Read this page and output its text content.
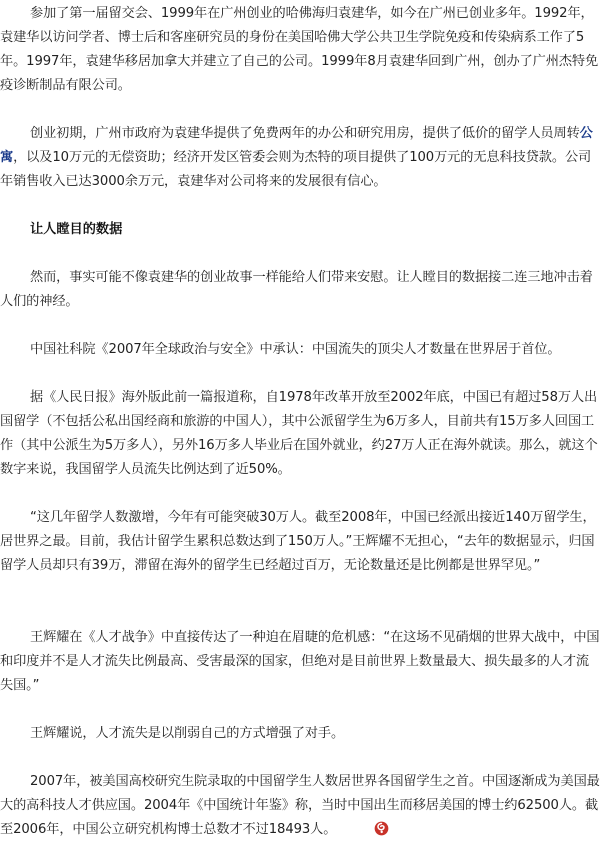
参加了第一届留交会、1999年在广州创业的哈佛海归袁建华，如今在广州已创业多年。1992年，袁建华以访问学者、博士后和客座研究员的身份在美国哈佛大学公共卫生学院免疫和传染病系工作了5年。1997年，袁建华移居加拿大并建立了自己的公司。1999年8月袁建华回到广州，创办了广州杰特免疫诊断制品有限公司。

创业初期，广州市政府为袁建华提供了免费两年的办公和研究用房，提供了低价的留学人员周转公寓，以及10万元的无偿资助；经济开发区管委会则为杰特的项目提供了100万元的无息科技贷款。公司年销售收入已达3000余万元，袁建华对公司将来的发展很有信心。

让人瞠目的数据

然而，事实可能不像袁建华的创业故事一样能给人们带来安慰。让人瞠目的数据接二连三地冲击着人们的神经。

中国社科院《2007年全球政治与安全》中承认：中国流失的顶尖人才数量在世界居于首位。

据《人民日报》海外版此前一篇报道称，自1978年改革开放至2002年底，中国已有超过58万人出国留学（不包括公私出国经商和旅游的中国人），其中公派留学生为6万多人，目前共有15万多人回国工作（其中公派生为5万多人），另外16万多人毕业后在国外就业，约27万人正在海外就读。那么，就这个数字来说，我国留学人员流失比例达到了近50%。

“这几年留学人数激增，今年有可能突破30万人。截至2008年，中国已经派出接近140万留学生，居世界之最。目前，我估计留学生累积总数达到了150万人。”王辉耀不无担心，“去年的数据显示，归国留学人员却只有39万，滞留在海外的留学生已经超过百万，无论数量还是比例都是世界罕见。”

王辉耀在《人才战争》中直接传达了一种迫在眉睫的危机感：“在这场不见硝烟的世界大战中，中国和印度并不是人才流失比例最高、受害最深的国家，但绝对是目前世界上数量最大、损失最多的人才流失国。”

王辉耀说，人才流失是以削弱自己的方式增强了对手。

2007年，被美国高校研究生院录取的中国留学生人数居世界各国留学生之首。中国逐渐成为美国最大的高科技人才供应国。2004年《中国统计年鉴》称，当时中国出生而移居美国的博士约62500人。截至2006年，中国公立研究机构博士总数才不过18493人。
